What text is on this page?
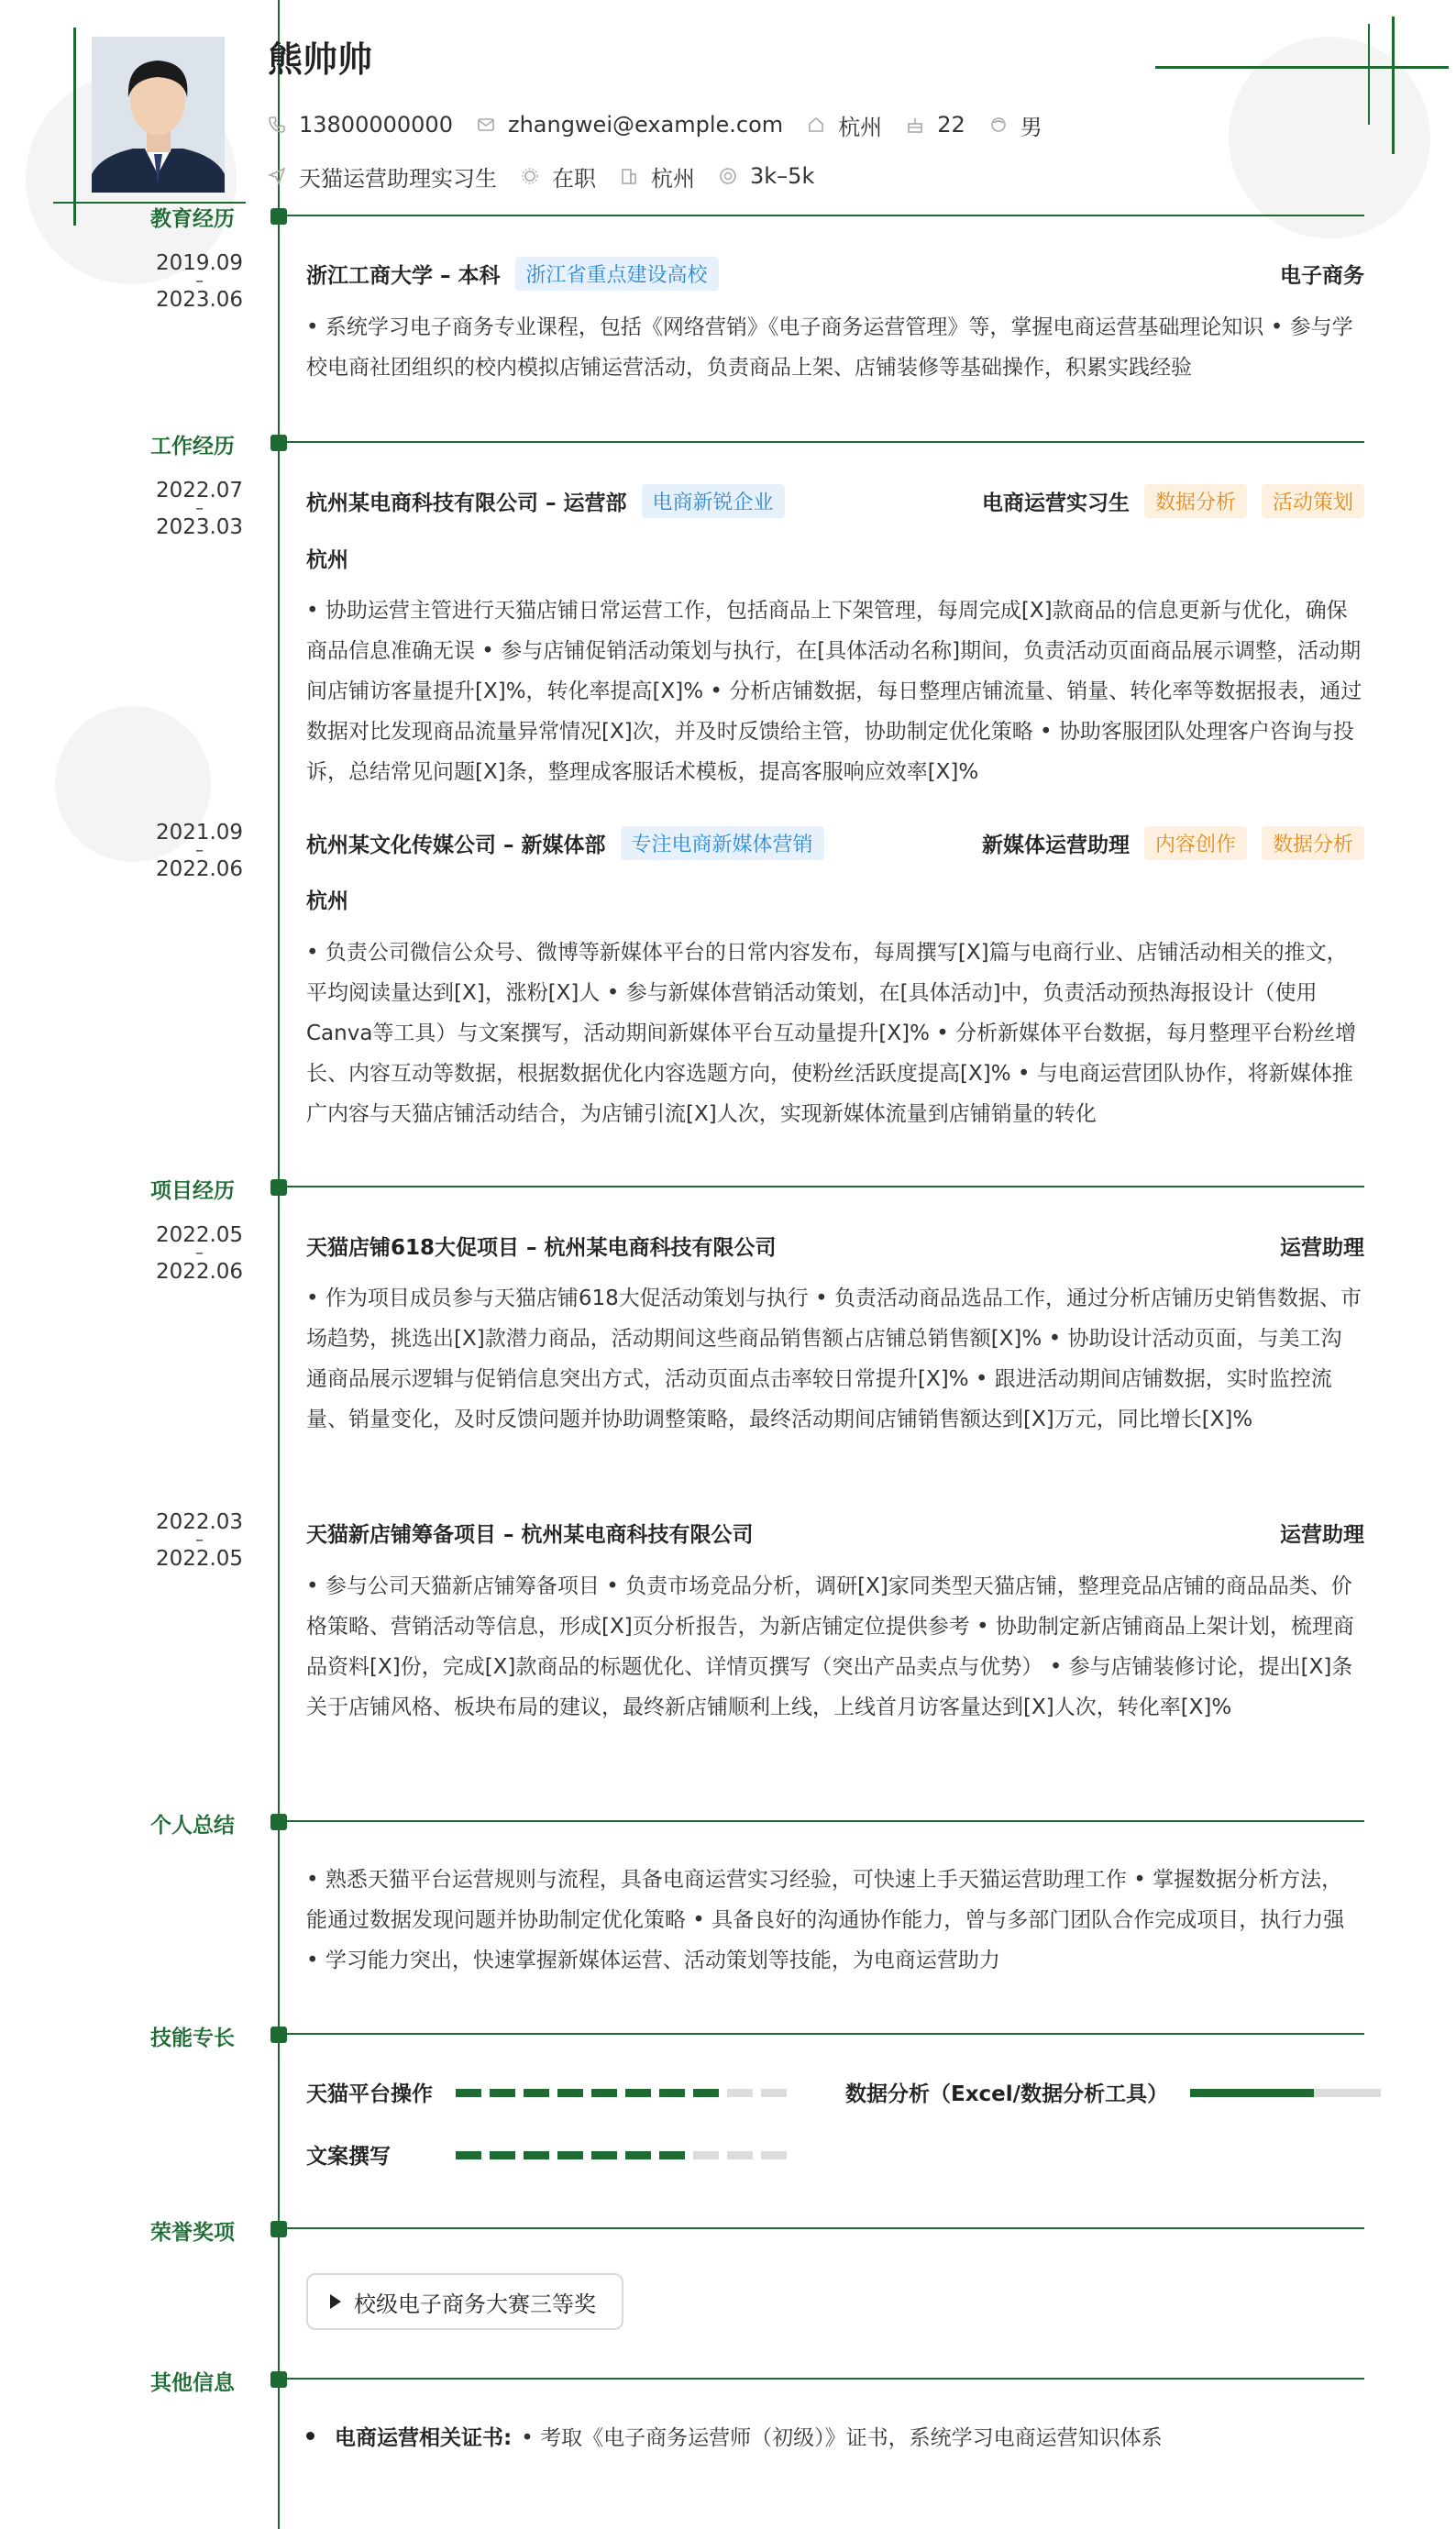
熊帅帅
13800000000	zhangwei@example.com	杭州	22	男
天猫运营助理实习生	在职	杭州	3k–5k
教育经历
2019.09
–
2023.06
浙江工商大学 – 本科	浙江省重点建设高校	电子商务

• 系统学习电子商务专业课程，包括《网络营销》《电子商务运营管理》等，掌握电商运营基础理论知识 • 参与学校电商社团组织的校内模拟店铺运营活动，负责商品上架、店铺装修等基础操作，积累实践经验

工作经历
2022.07
–
2023.03
杭州某电商科技有限公司 – 运营部	电商新锐企业	电商运营实习生	数据分析	活动策划
杭州

• 协助运营主管进行天猫店铺日常运营工作，包括商品上下架管理，每周完成[X]款商品的信息更新与优化，确保商品信息准确无误 • 参与店铺促销活动策划与执行，在[具体活动名称]期间，负责活动页面商品展示调整，活动期间店铺访客量提升[X]%，转化率提高[X]% • 分析店铺数据，每日整理店铺流量、销量、转化率等数据报表，通过数据对比发现商品流量异常情况[X]次，并及时反馈给主管，协助制定优化策略 • 协助客服团队处理客户咨询与投诉，总结常见问题[X]条，整理成客服话术模板，提高客服响应效率[X]%

2021.09
–
2022.06
杭州某文化传媒公司 – 新媒体部	专注电商新媒体营销	新媒体运营助理	内容创作	数据分析
杭州

• 负责公司微信公众号、微博等新媒体平台的日常内容发布，每周撰写[X]篇与电商行业、店铺活动相关的推文，平均阅读量达到[X]，涨粉[X]人 • 参与新媒体营销活动策划，在[具体活动]中，负责活动预热海报设计（使用Canva等工具）与文案撰写，活动期间新媒体平台互动量提升[X]% • 分析新媒体平台数据，每月整理平台粉丝增长、内容互动等数据，根据数据优化内容选题方向，使粉丝活跃度提高[X]% • 与电商运营团队协作，将新媒体推广内容与天猫店铺活动结合，为店铺引流[X]人次，实现新媒体流量到店铺销量的转化

项目经历
2022.05
–
2022.06
天猫店铺618大促项目 – 杭州某电商科技有限公司	运营助理

• 作为项目成员参与天猫店铺618大促活动策划与执行 • 负责活动商品选品工作，通过分析店铺历史销售数据、市场趋势，挑选出[X]款潜力商品，活动期间这些商品销售额占店铺总销售额[X]% • 协助设计活动页面，与美工沟通商品展示逻辑与促销信息突出方式，活动页面点击率较日常提升[X]% • 跟进活动期间店铺数据，实时监控流量、销量变化，及时反馈问题并协助调整策略，最终活动期间店铺销售额达到[X]万元，同比增长[X]%

2022.03
–
2022.05
天猫新店铺筹备项目 – 杭州某电商科技有限公司	运营助理

• 参与公司天猫新店铺筹备项目 • 负责市场竞品分析，调研[X]家同类型天猫店铺，整理竞品店铺的商品品类、价格策略、营销活动等信息，形成[X]页分析报告，为新店铺定位提供参考 • 协助制定新店铺商品上架计划，梳理商品资料[X]份，完成[X]款商品的标题优化、详情页撰写（突出产品卖点与优势） • 参与店铺装修讨论，提出[X]条关于店铺风格、板块布局的建议，最终新店铺顺利上线，上线首月访客量达到[X]人次，转化率[X]%

个人总结

• 熟悉天猫平台运营规则与流程，具备电商运营实习经验，可快速上手天猫运营助理工作 • 掌握数据分析方法，能通过数据发现问题并协助制定优化策略 • 具备良好的沟通协作能力，曾与多部门团队合作完成项目，执行力强 • 学习能力突出，快速掌握新媒体运营、活动策划等技能，为电商运营助力

技能专长
天猫平台操作	数据分析（Excel/数据分析工具）
文案撰写
荣誉奖项
校级电子商务大赛三等奖
其他信息
电商运营相关证书: • 考取《电子商务运营师（初级）》证书，系统学习电商运营知识体系
